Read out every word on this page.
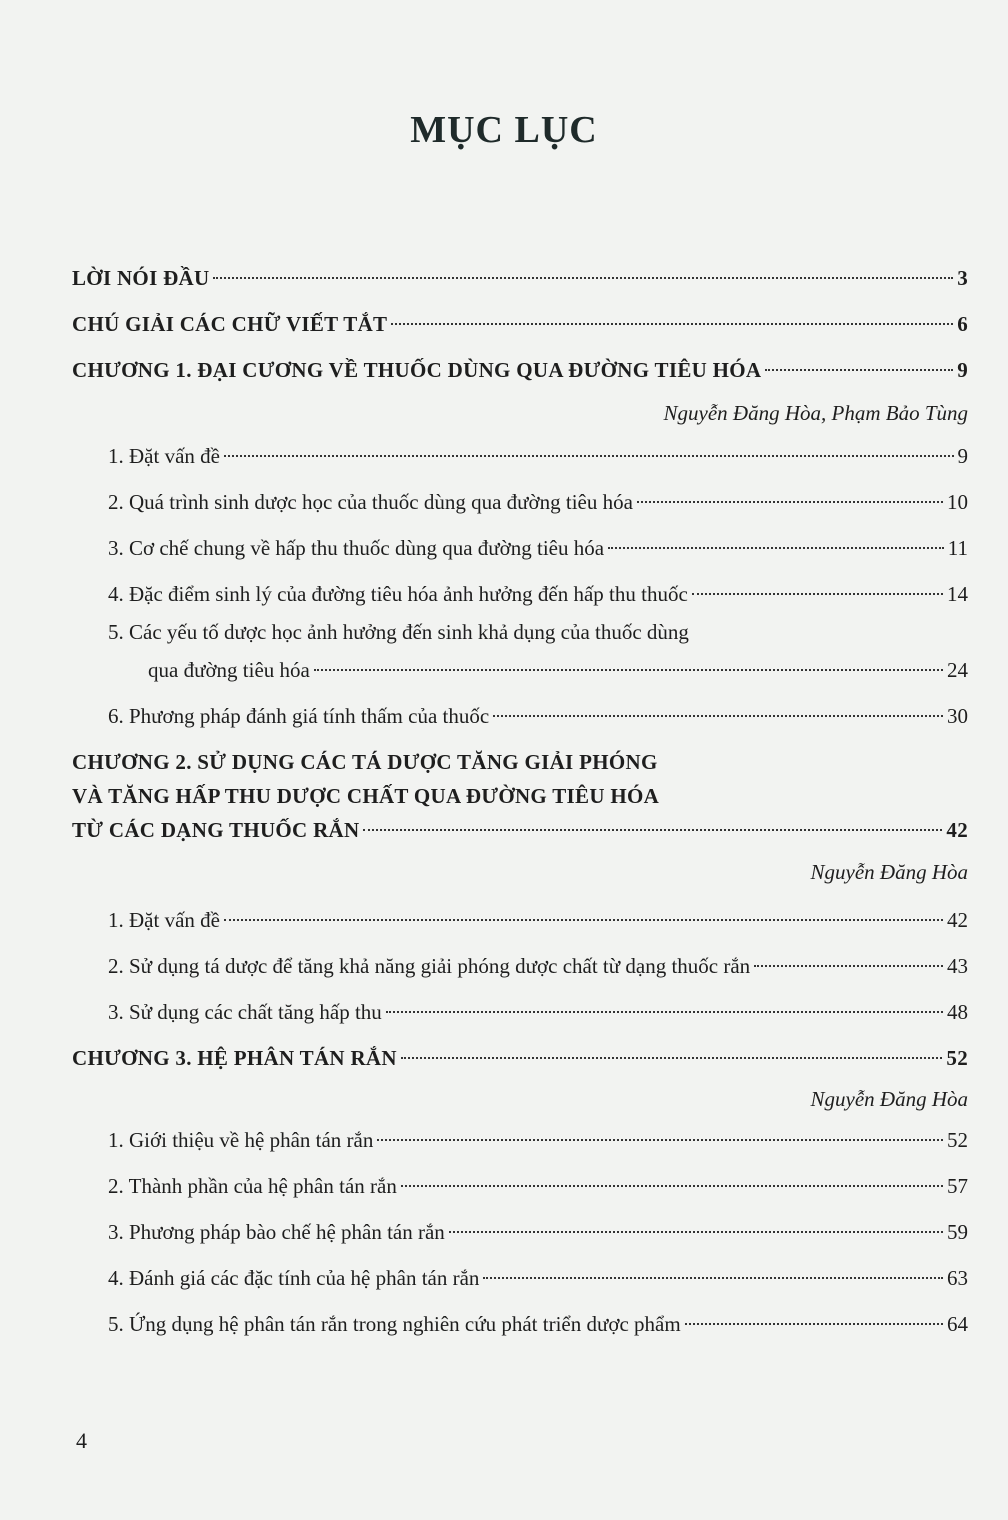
MỤC LỤC
LỜI NÓI ĐẦU	3
CHÚ GIẢI CÁC CHỮ VIẾT TẮT	6
CHƯƠNG 1. ĐẠI CƯƠNG VỀ THUỐC DÙNG QUA ĐƯỜNG TIÊU HÓA	9
Nguyễn Đăng Hòa, Phạm Bảo Tùng
1. Đặt vấn đề	9
2. Quá trình sinh dược học của thuốc dùng qua đường tiêu hóa	10
3. Cơ chế chung về hấp thu thuốc dùng qua đường tiêu hóa	11
4. Đặc điểm sinh lý của đường tiêu hóa ảnh hưởng đến hấp thu thuốc	14
5. Các yếu tố dược học ảnh hưởng đến sinh khả dụng của thuốc dùng
qua đường tiêu hóa	24
6. Phương pháp đánh giá tính thấm của thuốc	30
CHƯƠNG 2. SỬ DỤNG CÁC TÁ DƯỢC TĂNG GIẢI PHÓNG
VÀ TĂNG HẤP THU DƯỢC CHẤT QUA ĐƯỜNG TIÊU HÓA
TỪ CÁC DẠNG THUỐC RẮN	42
Nguyễn Đăng Hòa
1. Đặt vấn đề	42
2. Sử dụng tá dược để tăng khả năng giải phóng dược chất từ dạng thuốc rắn	43
3. Sử dụng các chất tăng hấp thu	48
CHƯƠNG 3. HỆ PHÂN TÁN RẮN	52
Nguyễn Đăng Hòa
1. Giới thiệu về hệ phân tán rắn	52
2. Thành phần của hệ phân tán rắn	57
3. Phương pháp bào chế hệ phân tán rắn	59
4. Đánh giá các đặc tính của hệ phân tán rắn	63
5. Ứng dụng hệ phân tán rắn trong nghiên cứu phát triển dược phẩm	64
4
